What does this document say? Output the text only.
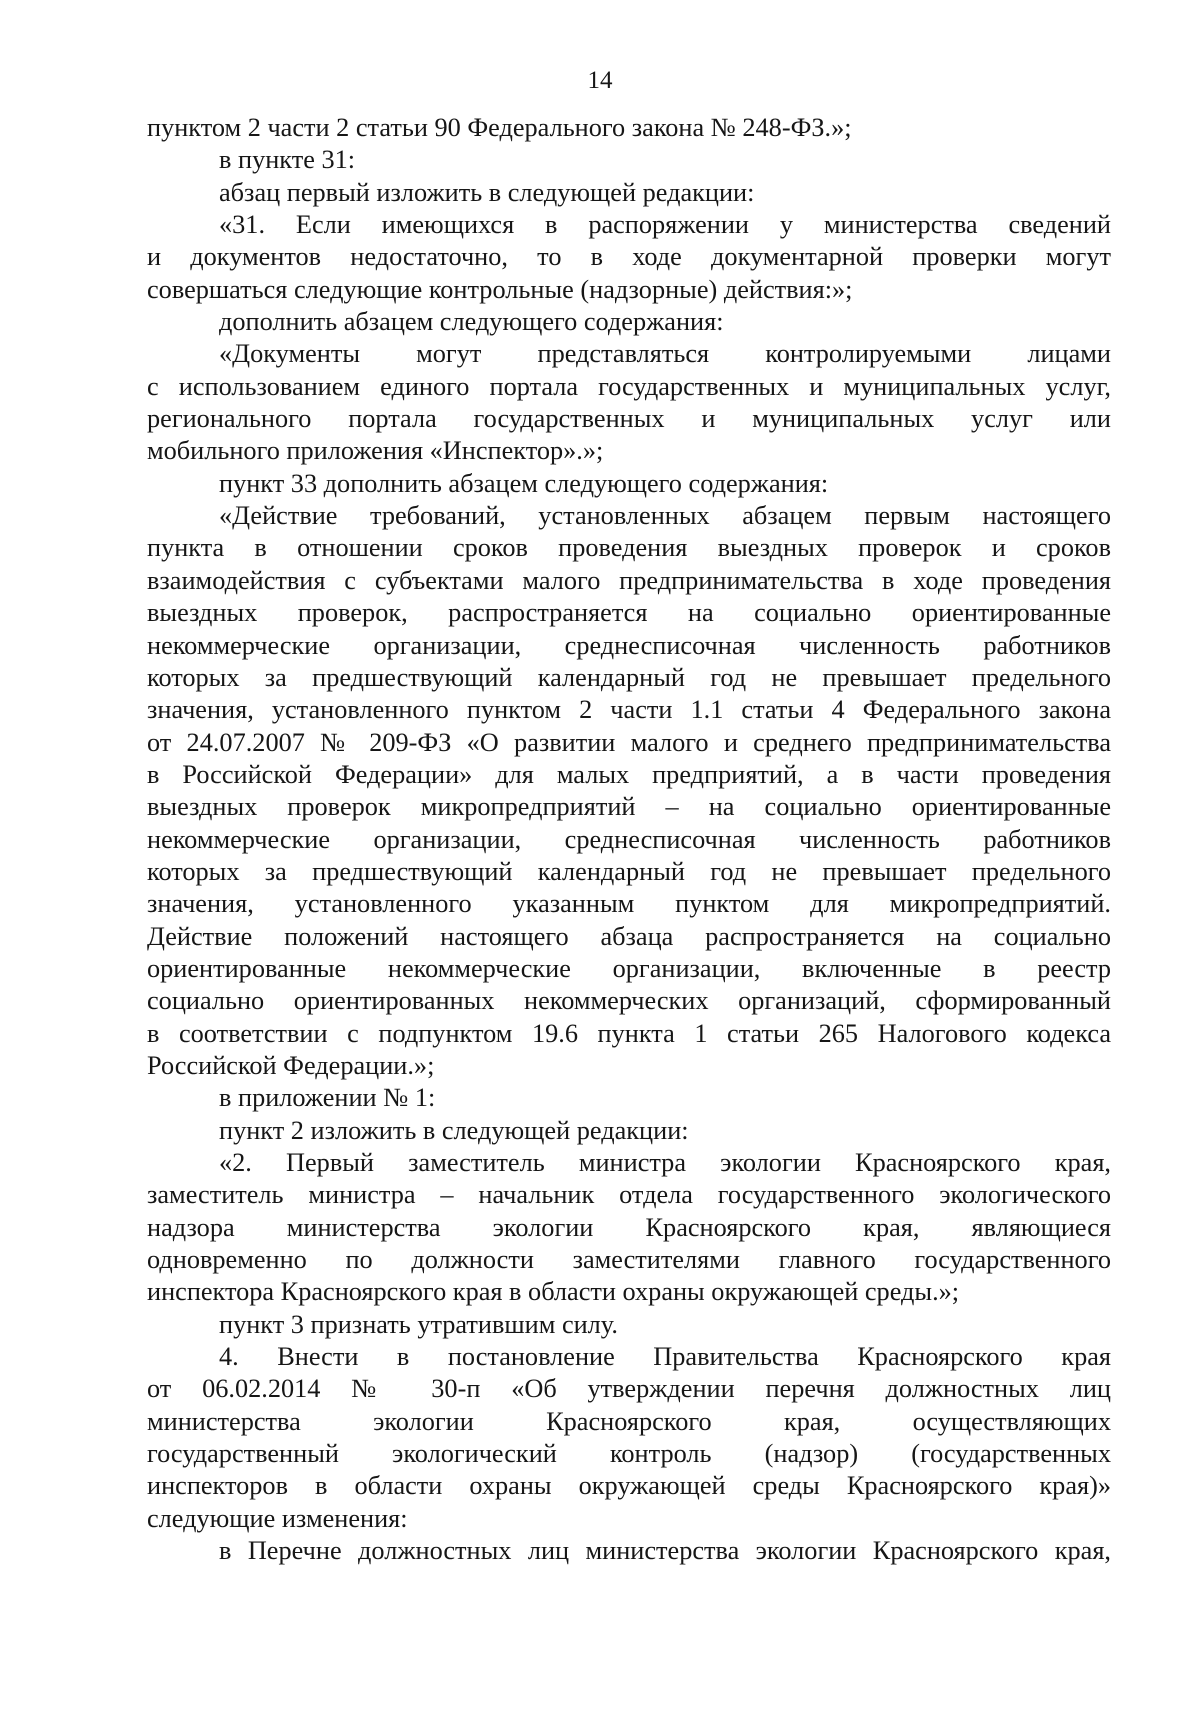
14
пунктом 2 части 2 статьи 90 Федерального закона № 248-ФЗ.»;
в пункте 31:
абзац первый изложить в следующей редакции:
«31. Если имеющихся в распоряжении у министерства сведений
и документов недостаточно, то в ходе документарной проверки могут
совершаться следующие контрольные (надзорные) действия:»;
дополнить абзацем следующего содержания:
«Документы могут представляться контролируемыми лицами
с использованием единого портала государственных и муниципальных услуг,
регионального портала государственных и муниципальных услуг или
мобильного приложения «Инспектор».»;
пункт 33 дополнить абзацем следующего содержания:
«Действие требований, установленных абзацем первым настоящего
пункта в отношении сроков проведения выездных проверок и сроков
взаимодействия с субъектами малого предпринимательства в ходе проведения
выездных проверок, распространяется на социально ориентированные
некоммерческие организации, среднесписочная численность работников
которых за предшествующий календарный год не превышает предельного
значения, установленного пунктом 2 части 1.1 статьи 4 Федерального закона
от 24.07.2007 № 209-ФЗ «О развитии малого и среднего предпринимательства
в Российской Федерации» для малых предприятий, а в части проведения
выездных проверок микропредприятий – на социально ориентированные
некоммерческие организации, среднесписочная численность работников
которых за предшествующий календарный год не превышает предельного
значения, установленного указанным пунктом для микропредприятий.
Действие положений настоящего абзаца распространяется на социально
ориентированные некоммерческие организации, включенные в реестр
социально ориентированных некоммерческих организаций, сформированный
в соответствии с подпунктом 19.6 пункта 1 статьи 265 Налогового кодекса
Российской Федерации.»;
в приложении № 1:
пункт 2 изложить в следующей редакции:
«2. Первый заместитель министра экологии Красноярского края,
заместитель министра – начальник отдела государственного экологического
надзора министерства экологии Красноярского края, являющиеся
одновременно по должности заместителями главного государственного
инспектора Красноярского края в области охраны окружающей среды.»;
пункт 3 признать утратившим силу.
4. Внести в постановление Правительства Красноярского края
от 06.02.2014 № 30-п «Об утверждении перечня должностных лиц
министерства экологии Красноярского края, осуществляющих
государственный экологический контроль (надзор) (государственных
инспекторов в области охраны окружающей среды Красноярского края)»
следующие изменения:
в Перечне должностных лиц министерства экологии Красноярского края,
